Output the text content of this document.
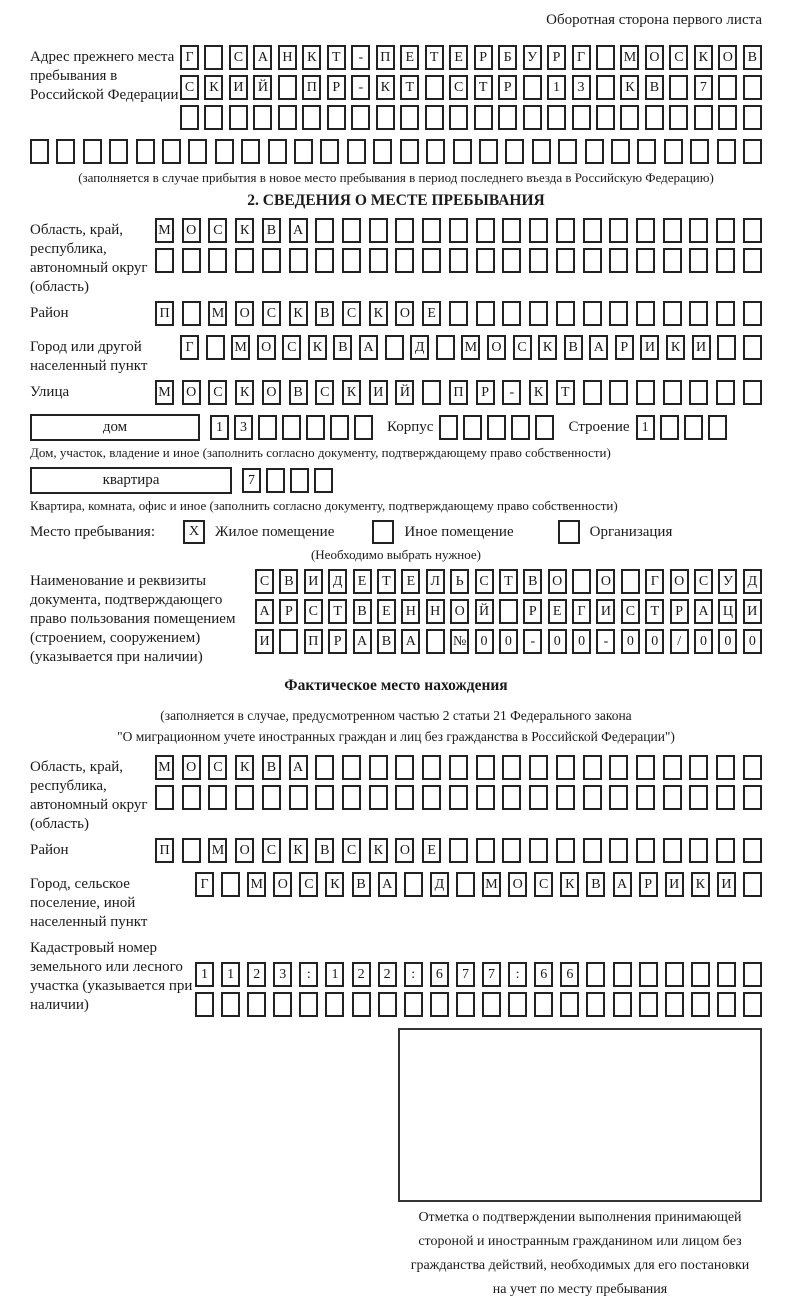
Оборотная сторона первого листа
Адрес прежнего места пребывания в Российской Федерации
Г	С	А	Н	К	Т	-	П	Е	Т	Е	Р	Б	У	Р	Г	М О	С	К	О	В
С	К	И	Й	П	Р	-	К	Т	С	Т	Р	1	3	К	В	7
(заполняется в случае прибытия в новое место пребывания в период последнего въезда в Российскую Федерацию)
2. СВЕДЕНИЯ О МЕСТЕ ПРЕБЫВАНИЯ
Область, край, республика, автономный округ (область)
М	О	С	К	В	А
Район	П	М	О	С	К	В	С	К	О	Е
Город или другой населенный пункт
Г	М	О	С	К	В	А	Д	М	О	С	К	В	А	Р	И	К	И
Улица	М	О	С	К	О	В	С	К	И	Й	П	Р	-	К	Т
дом	1	3	Корпус	Строение 1
Дом, участок, владение и иное (заполнить согласно документу, подтверждающему право собственности)
квартира	7
Квартира, комната, офис и иное (заполнить согласно документу, подтверждающему право собственности)
Место пребывания:	X	Жилое помещение	Иное помещение	Организация
(Необходимо выбрать нужное)
Наименование и реквизиты документа, подтверждающего право пользования помещением (строением, сооружением) (указывается при наличии)
С	В	И	Д	Е	Т	Е	Л	Ь	С	Т	В	О	О	Г	О	С	У	Д
А	Р	С	Т	В	Е	Н	Н	О	Й	Р	Е	Г	И	С	Т	Р	А	Ц	И
И	П	Р	А	В	А	№	0	0	-	0	0	-	0	0	/	0	0	0
Фактическое место нахождения
(заполняется в случае, предусмотренном частью 2 статьи 21 Федерального закона
"О миграционном учете иностранных граждан и лиц без гражданства в Российской Федерации")
Область, край, республика, автономный округ (область)
М	О	С	К	В	А
Район	П	М	О	С	К	В	С	К	О	Е
Город, сельское поселение, иной населенный пункт
Г	М	О	С	К	В	А	Д	М	О	С	К	В	А	Р	И	К	И
Кадастровый номер земельного или лесного участка (указывается при наличии)
1	1	2	3	:	1	2	2	:	6	7	7	:	6	6
Отметка о подтверждении выполнения принимающей
стороной и иностранным гражданином или лицом без
гражданства действий, необходимых для его постановки
на учет по месту пребывания
